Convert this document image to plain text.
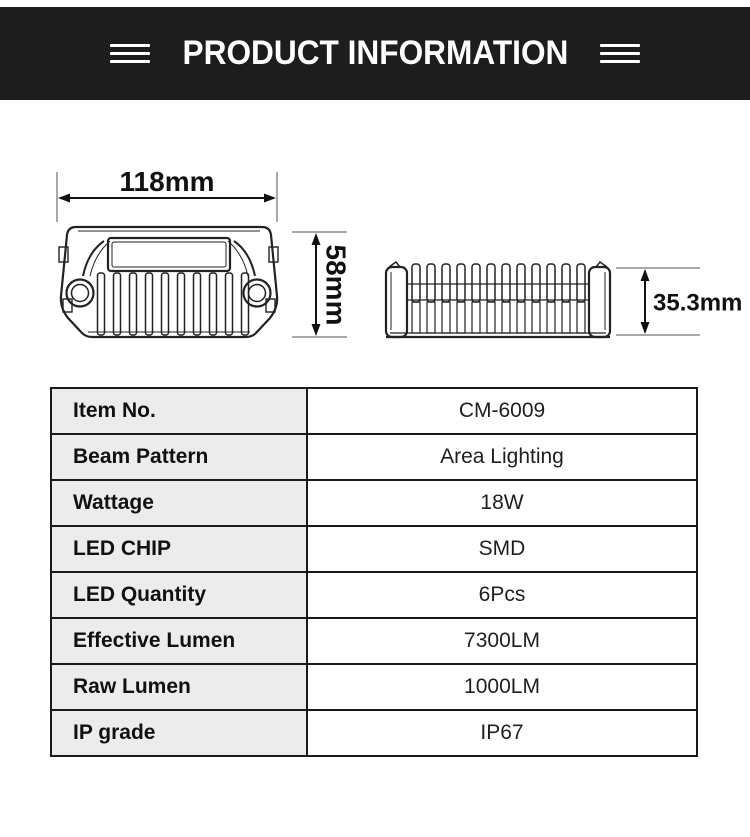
PRODUCT INFORMATION
118mm
58mm	35.3mm
Item No.	CM-6009
Beam Pattern	Area Lighting
Wattage	18W
LED CHIP	SMD
LED Quantity	6Pcs
Effective Lumen	7300LM
Raw Lumen	1000LM
IP grade	IP67
